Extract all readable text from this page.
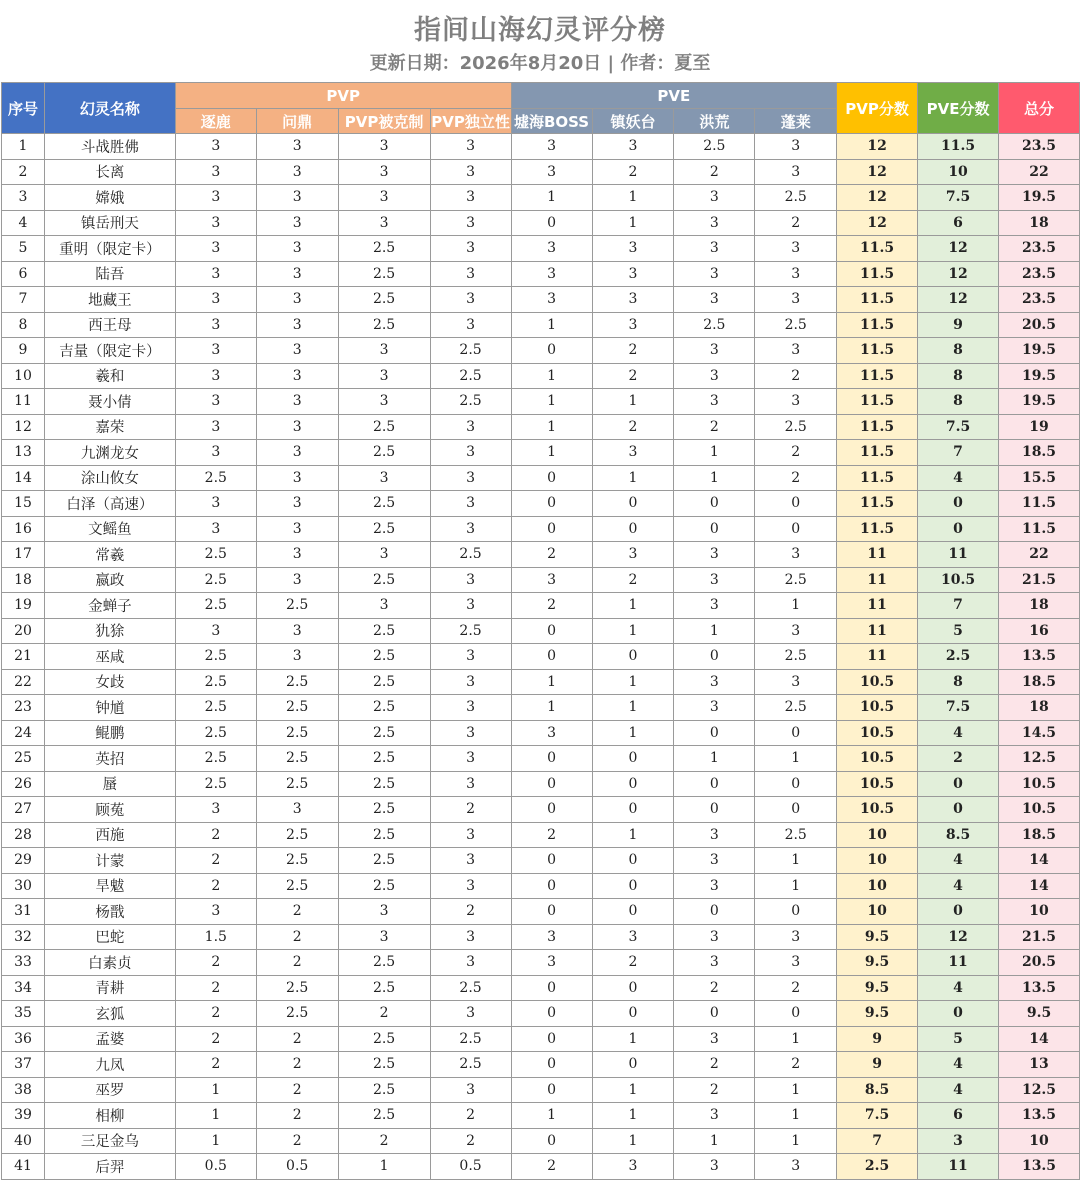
指间山海幻灵评分榜
更新日期：2026年8月20日 | 作者：夏至
序号	幻灵名称	PVP				PVE				PVP分数	PVE分数	总分
		逐鹿	问鼎	PVP被克制	PVP独立性	墟海BOSS	镇妖台	洪荒	蓬莱			
1	斗战胜佛	3	3	3	3	3	3	2.5	3	12	11.5	23.5
2	长离	3	3	3	3	3	2	2	3	12	10	22
3	嫦娥	3	3	3	3	1	1	3	2.5	12	7.5	19.5
4	镇岳刑天	3	3	3	3	0	1	3	2	12	6	18
5	重明（限定卡）	3	3	2.5	3	3	3	3	3	11.5	12	23.5
6	陆吾	3	3	2.5	3	3	3	3	3	11.5	12	23.5
7	地藏王	3	3	2.5	3	3	3	3	3	11.5	12	23.5
8	西王母	3	3	2.5	3	1	3	2.5	2.5	11.5	9	20.5
9	吉量（限定卡）	3	3	3	2.5	0	2	3	3	11.5	8	19.5
10	羲和	3	3	3	2.5	1	2	3	2	11.5	8	19.5
11	聂小倩	3	3	3	2.5	1	1	3	3	11.5	8	19.5
12	嘉荣	3	3	2.5	3	1	2	2	2.5	11.5	7.5	19
13	九渊龙女	3	3	2.5	3	1	3	1	2	11.5	7	18.5
14	涂山攸女	2.5	3	3	3	0	1	1	2	11.5	4	15.5
15	白泽（高速）	3	3	2.5	3	0	0	0	0	11.5	0	11.5
16	文鳐鱼	3	3	2.5	3	0	0	0	0	11.5	0	11.5
17	常羲	2.5	3	3	2.5	2	3	3	3	11	11	22
18	嬴政	2.5	3	2.5	3	3	2	3	2.5	11	10.5	21.5
19	金蝉子	2.5	2.5	3	3	2	1	3	1	11	7	18
20	犰狳	3	3	2.5	2.5	0	1	1	3	11	5	16
21	巫咸	2.5	3	2.5	3	0	0	0	2.5	11	2.5	13.5
22	女歧	2.5	2.5	2.5	3	1	1	3	3	10.5	8	18.5
23	钟馗	2.5	2.5	2.5	3	1	1	3	2.5	10.5	7.5	18
24	鲲鹏	2.5	2.5	2.5	3	3	1	0	0	10.5	4	14.5
25	英招	2.5	2.5	2.5	3	0	0	1	1	10.5	2	12.5
26	蜃	2.5	2.5	2.5	3	0	0	0	0	10.5	0	10.5
27	顾菟	3	3	2.5	2	0	0	0	0	10.5	0	10.5
28	西施	2	2.5	2.5	3	2	1	3	2.5	10	8.5	18.5
29	计蒙	2	2.5	2.5	3	0	0	3	1	10	4	14
30	旱魃	2	2.5	2.5	3	0	0	3	1	10	4	14
31	杨戬	3	2	3	2	0	0	0	0	10	0	10
32	巴蛇	1.5	2	3	3	3	3	3	3	9.5	12	21.5
33	白素贞	2	2	2.5	3	3	2	3	3	9.5	11	20.5
34	青耕	2	2.5	2.5	2.5	0	0	2	2	9.5	4	13.5
35	玄狐	2	2.5	2	3	0	0	0	0	9.5	0	9.5
36	孟婆	2	2	2.5	2.5	0	1	3	1	9	5	14
37	九凤	2	2	2.5	2.5	0	0	2	2	9	4	13
38	巫罗	1	2	2.5	3	0	1	2	1	8.5	4	12.5
39	相柳	1	2	2.5	2	1	1	3	1	7.5	6	13.5
40	三足金乌	1	2	2	2	0	1	1	1	7	3	10
41	后羿	0.5	0.5	1	0.5	2	3	3	3	2.5	11	13.5
